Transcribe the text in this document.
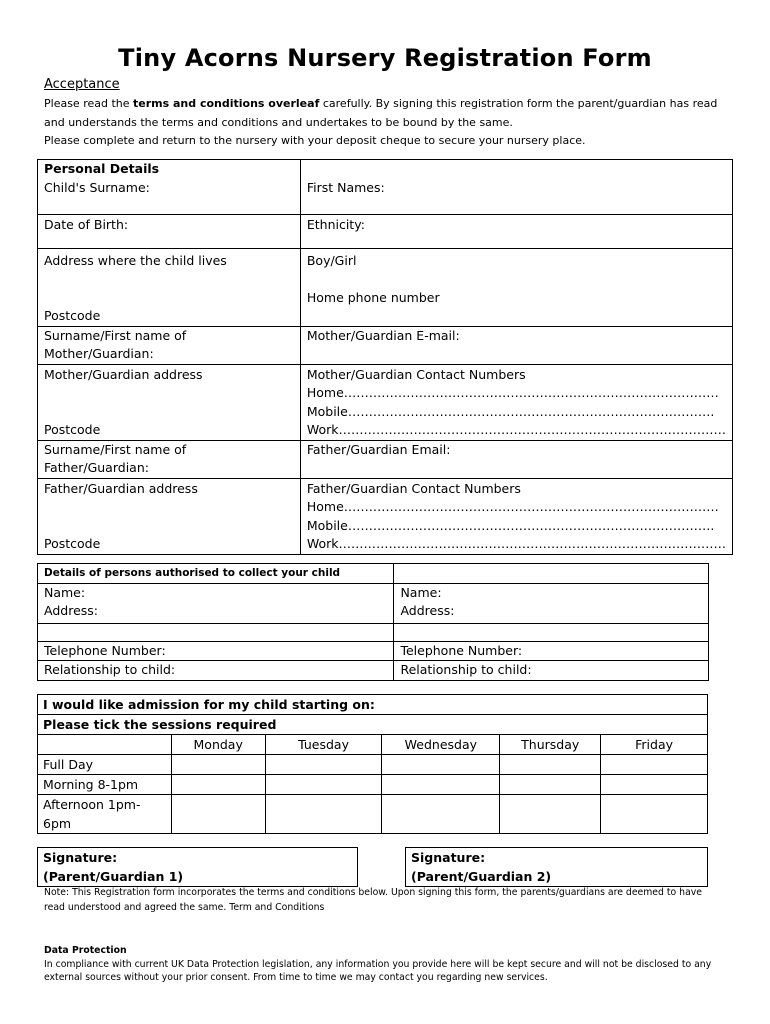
Tiny Acorns Nursery Registration Form
Acceptance
Please read the terms and conditions overleaf carefully. By signing this registration form the parent/guardian has read and understands the terms and conditions and undertakes to be bound by the same.
Please complete and return to the nursery with your deposit cheque to secure your nursery place.
Personal Details	
Child's Surname:	First Names:
Date of Birth:	Ethnicity:
Address where the child lives	Boy/Girl
Home phone number

Postcode	
Surname/First name of Mother/Guardian:	Mother/Guardian E-mail:
Mother/Guardian address	Mother/Guardian Contact Numbers
Home………………………………………………………………………………
Mobile…………………………………………………………………………….

Postcode	Work…………………………………………………………………………………
Surname/First name of Father/Guardian:	Father/Guardian Email:
Father/Guardian address	Father/Guardian Contact Numbers
Home………………………………………………………………………………
Mobile…………………………………………………………………………….

Postcode	Work…………………………………………………………………………………
Details of persons authorised to collect your child	
Name:	Name:
Address:	Address:

Telephone Number:	Telephone Number:
Relationship to child:	Relationship to child:
I would like admission for my child starting on:					
Please tick the sessions required					
	Monday	Tuesday	Wednesday	Thursday	Friday
Full Day					
Morning 8-1pm					

Afternoon 1pm-
6pm					

Signature:
(Parent/Guardian 1)
Signature:
(Parent/Guardian 2)
Note: This Registration form incorporates the terms and conditions below. Upon signing this form, the parents/guardians are deemed to have read understood and agreed the same. Term and Conditions
Data Protection
In compliance with current UK Data Protection legislation, any information you provide here will be kept secure and will not be disclosed to any external sources without your prior consent. From time to time we may contact you regarding new services.
